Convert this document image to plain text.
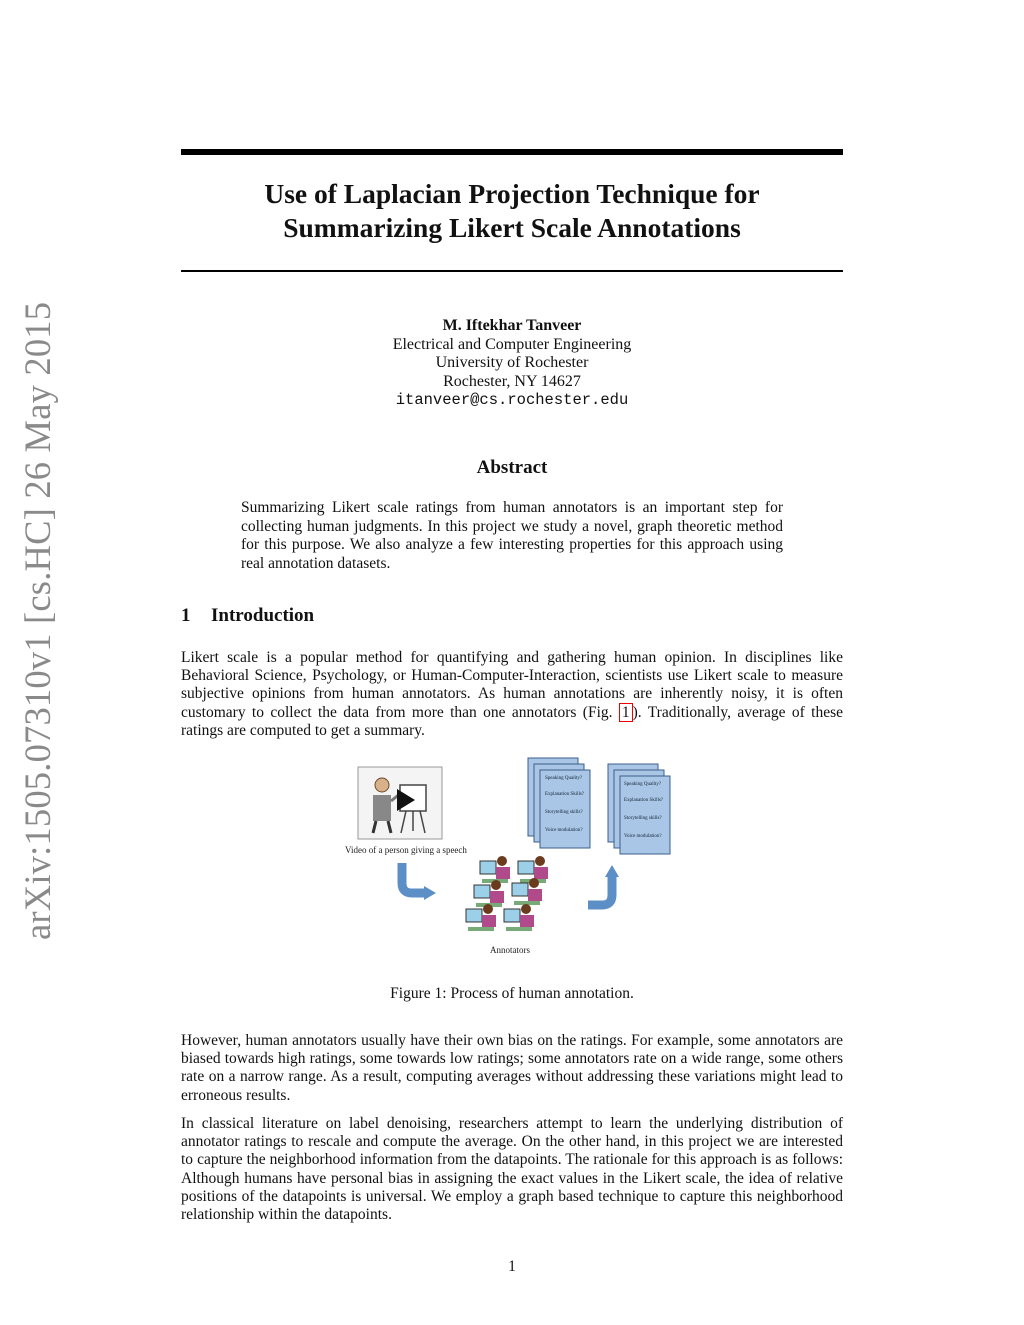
arXiv:1505.07310v1 [cs.HC] 26 May 2015
Use of Laplacian Projection Technique for
Summarizing Likert Scale Annotations
M. Iftekhar Tanveer
Electrical and Computer Engineering
University of Rochester
Rochester, NY 14627
itanveer@cs.rochester.edu
Abstract
Summarizing Likert scale ratings from human annotators is an important step for collecting human judgments. In this project we study a novel, graph theoretic method for this purpose. We also analyze a few interesting properties for this approach using real annotation datasets.
1 Introduction

Likert scale is a popular method for quantifying and gathering human opinion. In disciplines like Behavioral Science, Psychology, or Human-Computer-Interaction, scientists use Likert scale to measure subjective opinions from human annotators. As human annotations are inherently noisy, it is often customary to collect the data from more than one annotators (Fig. 1 ). Traditionally, average of these ratings are computed to get a summary.

Speaking Quality?
Explanation Skills?
Storytelling skills?
Voice modulation?
Speaking Quality?
Explanation Skills?
Storytelling skills?
Voice modulation?
Video of a person giving a speech
Annotators
Figure 1: Process of human annotation.

However, human annotators usually have their own bias on the ratings. For example, some annotators are biased towards high ratings, some towards low ratings; some annotators rate on a wide range, some others rate on a narrow range. As a result, computing averages without addressing these variations might lead to erroneous results.

In classical literature on label denoising, researchers attempt to learn the underlying distribution of annotator ratings to rescale and compute the average. On the other hand, in this project we are interested to capture the neighborhood information from the datapoints. The rationale for this approach is as follows: Although humans have personal bias in assigning the exact values in the Likert scale, the idea of relative positions of the datapoints is universal. We employ a graph based technique to capture this neighborhood relationship within the datapoints.

1
